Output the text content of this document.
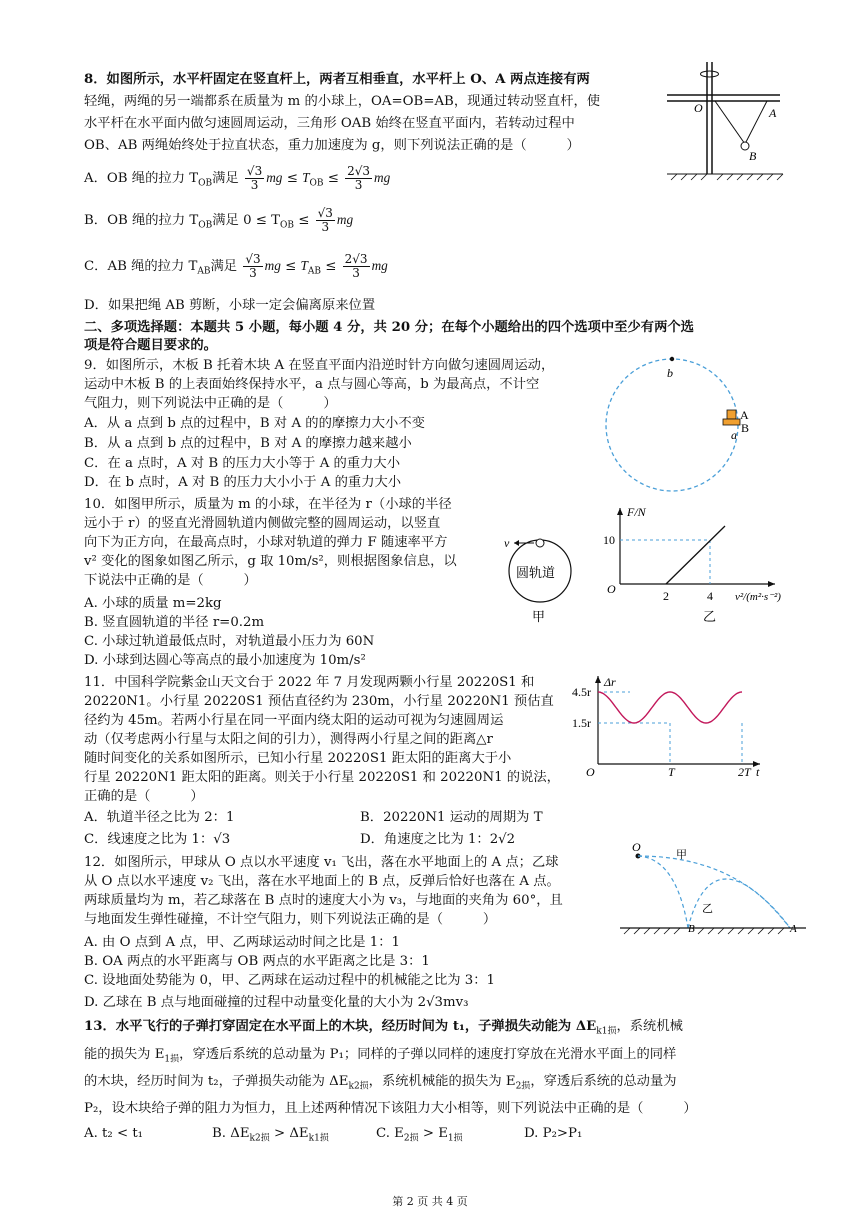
8．如图所示，水平杆固定在竖直杆上，两者互相垂直，水平杆上 O、A 两点连接有两
轻绳，两绳的另一端都系在质量为 m 的小球上，OA=OB=AB，现通过转动竖直杆，使
水平杆在水平面内做匀速圆周运动，三角形 OAB 始终在竖直平面内，若转动过程中
OB、AB 两绳始终处于拉直状态，重力加速度为 g，则下列说法正确的是（　　　）
A．OB 绳的拉力 $T_{OB}$满足 $\frac{√3}{3}$ mg ≤ $T_{OB} \le \frac{2√3}{3}$ mg
B．OB 绳的拉力 $T_{OB}$满足 $0 \le T_{OB} \le \frac{√3}{3}$ mg
C．AB 绳的拉力 $T_{AB}$满足 $\frac{√3}{3}$ mg ≤ $T_{AB} \le \frac{2√3}{3}$ mg
D．如果把绳 AB 剪断，小球一定会偏离原来位置
O	A
B
二、多项选择题：本题共 5 小题，每小题 4 分，共 20 分；在每个小题给出的四个选项中至少有两个选
项是符合题目要求的。
9．如图所示，木板 B 托着木块 A 在竖直平面内沿逆时针方向做匀速圆周运动，
运动中木板 B 的上表面始终保持水平，a 点与圆心等高，b 为最高点，不计空
气阻力，则下列说法中正确的是（　　　）
A．从 a 点到 b 点的过程中，B 对 A 的的摩擦力大小不变
B．从 a 点到 b 点的过程中，B 对 A 的摩擦力越来越小
C．在 a 点时，A 对 B 的压力大小等于 A 的重力大小
D．在 b 点时，A 对 B 的压力大小小于 A 的重力大小
b
A
B
a
10．如图甲所示，质量为 m 的小球，在半径为 r（小球的半径
远小于 r）的竖直光滑圆轨道内侧做完整的圆周运动，以竖直
向下为正方向，在最高点时，小球对轨道的弹力 F 随速率平方
v² 变化的图象如图乙所示，g 取 10m/s²，则根据图象信息，以
下说法中正确的是（　　　）
A. 小球的质量 m=2kg
B. 竖直圆轨道的半径 r=0.2m
C. 小球过轨道最低点时，对轨道最小压力为 60N
D. 小球到达圆心等高点的最小加速度为 10m/s²
v
圆轨道
甲
F/N
O
10
2	4 v²/(m²·s⁻²)
乙
11．中国科学院紫金山天文台于 2022 年 7 月发现两颗小行星 20220S1 和
20220N1。小行星 20220S1 预估直径约为 230m，小行星 20220N1 预估直
径约为 45m。若两小行星在同一平面内绕太阳的运动可视为匀速圆周运
动（仅考虑两小行星与太阳之间的引力），测得两小行星之间的距离△r
随时间变化的关系如图所示，已知小行星 20220S1 距太阳的距离大于小
行星 20220N1 距太阳的距离。则关于小行星 20220S1 和 20220N1 的说法，
正确的是（　　　）
A．轨道半径之比为 2：1	B．20220N1 运动的周期为 T
C．线速度之比为 1：√3	D．角速度之比为 1：2√2
Δr
4.5r
1.5r
O	T	2T t
12．如图所示，甲球从 O 点以水平速度 v₁ 飞出，落在水平地面上的 A 点；乙球
从 O 点以水平速度 v₂ 飞出，落在水平地面上的 B 点，反弹后恰好也落在 A 点。
两球质量均为 m，若乙球落在 B 点时的速度大小为 v₃，与地面的夹角为 60°，且
与地面发生弹性碰撞，不计空气阻力，则下列说法正确的是（　　　）
A. 由 O 点到 A 点，甲、乙两球运动时间之比是 1：1
B. OA 两点的水平距离与 OB 两点的水平距离之比是 3：1
C. 设地面处势能为 0，甲、乙两球在运动过程中的机械能之比为 3：1
D. 乙球在 B 点与地面碰撞的过程中动量变化量的大小为 2√3mv₃
O
甲
乙
B	A
13．水平飞行的子弹打穿固定在水平面上的木块，经历时间为 t₁，子弹损失动能为 $\Delta E_{k1损}$，系统机械
能的损失为 $E_{1损}$，穿透后系统的总动量为 P₁；同样的子弹以同样的速度打穿放在光滑水平面上的同样
的木块，经历时间为 t₂，子弹损失动能为 $\Delta E_{k2损}$，系统机械能的损失为 $E_{2损}$，穿透后系统的总动量为
P₂，设木块给子弹的阻力为恒力，且上述两种情况下该阻力大小相等，则下列说法中正确的是（　　　）
A. t₂ < t₁	B. $\Delta E_{k2损} > \Delta E_{k1损}$	C. $E_{2损} > E_{1损}$	D. P₂>P₁
第 2 页 共 4 页
